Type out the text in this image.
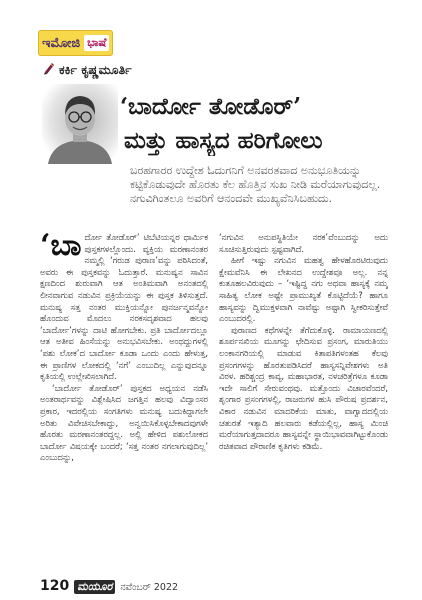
ಇಮೋಜಿ ಭಾಷೆ
ಕರ್ಕಿ ಕೃಷ್ಣಮೂರ್ತಿ
‘ಬಾರ್ದೋ ತೋಡೊರ್’
ಮತ್ತು ಹಾಸ್ಯದ ಹರಿಗೋಲು
ಬರಹಗಾರರ ಉದ್ದೇಶ ಓದುಗನಿಗೆ ಅನವರತವಾದ ಅನುಭೂತಿಯನ್ನು ಕಟ್ಟಿಕೊಡುವುದೇ ಹೊರತು ಕೆಲ ಹೊತ್ತಿನ ಸುಖ ನೀಡಿ ಮರೆಯಾಗುವುದಲ್ಲ. ನಗುವಿಗಿಂತಲೂ ಅವರಿಗೆ ಆನಂದವೇ ಮುಖ್ಯವೆನಿಸಿಬಹುದು.

‘ಬಾ ರ್ದೋ ತೋಡೊರ್’ ಟಿಬೆಟಿಯನ್ನರ ಧಾರ್ಮಿಕ ಪುಸ್ತಕಗಳಲ್ಲೊಂದು. ವ್ಯಕ್ತಿಯ ಮರಣಾನಂತರ ನಮ್ಮಲ್ಲಿ ‘ಗರುಡ ಪುರಾಣ’ವನ್ನು ಪಠಿಸಿದಂತೆ, ಅವರು ಈ ಪುಸ್ತಕವನ್ನು ಓದುತ್ತಾರೆ. ಮನುಷ್ಯನ ಸಾವಿನ ಕ್ಷಣದಿಂದ ಶುರುವಾಗಿ ಆತ ಅಂತಿಮವಾಗಿ ಅನಂತದಲ್ಲಿ ಲೀನವಾಗುವ ನಡುವಿನ ಪ್ರಕ್ರಿಯೆಯನ್ನು ಈ ಪುಸ್ತಕ ತಿಳಿಸುತ್ತದೆ. ಮನುಷ್ಯ ಸತ್ತ ನಂತರ ಮುಕ್ತಿಯನ್ನೋ ಪುನರ್ಜನ್ಮವನ್ನೋ ಹೊಂದುವ ಮೊದಲು ನರಕಸದೃಶವಾದ ಹಲವು ‘ಬಾರ್ದೋ’ಗಳನ್ನು ದಾಟಿ ಹೋಗಬೇಕು. ಪ್ರತಿ ಬಾರ್ದೋದಲ್ಲೂ ಆತ ಅತೀವ ಹಿಂಸೆಯನ್ನು ಅನುಭವಿಸಬೇಕು. ಅಂಥದ್ದುಗಳಲ್ಲಿ ‘ಪಶು ಲೋಕ’ದ ಬಾರ್ದೋ ಕೂಡಾ ಒಂದು ಎಂದು ಹೇಳುತ್ತ, ಈ ಪ್ರಾಣಿಗಳ ಲೋಕದಲ್ಲಿ ‘ನಗೆ’ ಎಂಬುದಿಲ್ಲ ಎನ್ನುವುದನ್ನೂ ಕೃತಿಯಲ್ಲಿ ಉಲ್ಲೇಖಿಸಲಾಗಿದೆ.

‘ಬಾರ್ದೋ ತೋಡೊರ್’ ಪುಸ್ತಕದ ಅಧ್ಯಯನ ನಡೆಸಿ ಅಂತರಾರ್ಥವನ್ನು ವಿಶ್ಲೇಷಿಸಿದ ಜಗತ್ತಿನ ಹಲವು ವಿದ್ವಾಂಸರ ಪ್ರಕಾರ, ಇದರಲ್ಲಿಯ ಸಂಗತಿಗಳು ಮನುಷ್ಯ ಬದುಕಿದ್ದಾಗಲೇ ಅರಿತು ವಿವೇಚಿಸಬೇಕಾದ್ದು, ಅನ್ವಯಿಸಿಕೊಳ್ಳಬೇಕಾದವುಗಳೇ ಹೊರತು ಮರಣಾನಂತರದ್ದಲ್ಲ. ಅಲ್ಲಿ ಹೇಳಿದ ಪಶುಲೋಕದ ಬಾರ್ದೋ ವಿಷಯಕ್ಕೇ ಬಂದರೆ; ‘ಸತ್ತ ನಂತರ ನಗಲಾಗುವುದಿಲ್ಲ’ ಎಂಬುದನ್ನು,

‘ನಗುವಿನ ಅನುಪಸ್ಥಿತಿಯೇ ನರಕ’ವೆಂಬುದನ್ನು ಅದು ಸೂಚಿಸುತ್ತಿರುವುದು ಸ್ಪಷ್ಟವಾಗಿದೆ.

ಹೀಗೆ ಇಷ್ಟು ನಗುವಿನ ಮಹತ್ವ ಹೇಳಹೊರಟಿರುವುದು ಕ್ಷೇಮವೆನಿಸಿ ಈ ಲೇಖನದ ಉದ್ದೇಶವೂ ಅಲ್ಲ. ನನ್ನ ಕುತೂಹಲವಿರುವುದು – ‘ಇಷ್ಟಿದ್ದ ನಗು ಅಥವಾ ಹಾಸ್ಯಕ್ಕೆ ನಮ್ಮ ಸಾಹಿತ್ಯ ಲೋಕ ಅಷ್ಟೇ ಪ್ರಾಮುಖ್ಯತೆ ಕೊಟ್ಟಿದೆಯೆ? ಹಾಗೂ ಹಾಸ್ಯವನ್ನು ದ್ವಿಮುಕ್ತಳವಾಗಿ ನಾವೆಷ್ಟು ಅಷ್ಟಾಗಿ ಸ್ವೀಕರಿಸುತ್ತೇವೆ ಎಂಬುದರಲ್ಲಿ.

ಪುರಾಣದ ಕಥೆಗಳನ್ನೇ ತೆಗೆದುಕೊಳ್ಳಿ. ರಾಮಾಯಣದಲ್ಲಿ ಶೂರ್ಪನಖಿಯ ಮೂಗನ್ನು ಛೇದಿಸುವ ಪ್ರಸಂಗ, ಮಾರುತಿಯು ಲಂಕಾನಗರಿಯಲ್ಲಿ ಮಾಡುವ ಕಿತಾಪತಿಗಳಂತಹ ಕೆಲವು ಪ್ರಸಂಗಗಳನ್ನು ಹೊರತುಪಡಿಸಿದರೆ ಹಾಸ್ಯಸನ್ನಿವೇಶಗಳು ಅತಿ ವಿರಳ. ಹರಿಶ್ಚಂದ್ರ ಕಾವ್ಯ, ಮಹಾಭಾರತ, ನಳಚರಿತ್ರೆಗಳೂ ಕೂಡಾ ಇದೇ ಸಾಲಿಗೆ ಸೇರುವಂಥವು. ಮತ್ತೊಂದು ವಿಚಾರವೆಂದರೆ, ಶೃಂಗಾರ ಪ್ರಸಂಗಗಳಲ್ಲಿ, ರಾಜರುಗಳ ಹುಸಿ ಪೌರುಷ ಪ್ರದರ್ಶನ, ವಿಕಾರ ನಡುವಿನ ಮಾದರಿಕೆಯ ಮಾತು, ವಾಗ್ವಾದದಲ್ಲಿಯ ಚತುರತೆ ಇತ್ಯಾದಿ ಹಲವಾರು ಕಡೆಯಲ್ಲಿಲ್ಲ, ಹಾಸ್ಯ ಮಿಂಚಿ ಮರೆಯಾಗುತ್ತದಾದರೂ ಹಾಸ್ಯವನ್ನೇ ಸ್ಥಾಯಿಭಾವವಾಗಿಟ್ಟುಕೊಂಡು ರಚಿತವಾದ ಪೌರಾಣಿಕ ಕೃತಿಗಳು ಕಡಿಮೆ.

120 ಮಯೂರ ನವೆಂಬರ್ 2022
